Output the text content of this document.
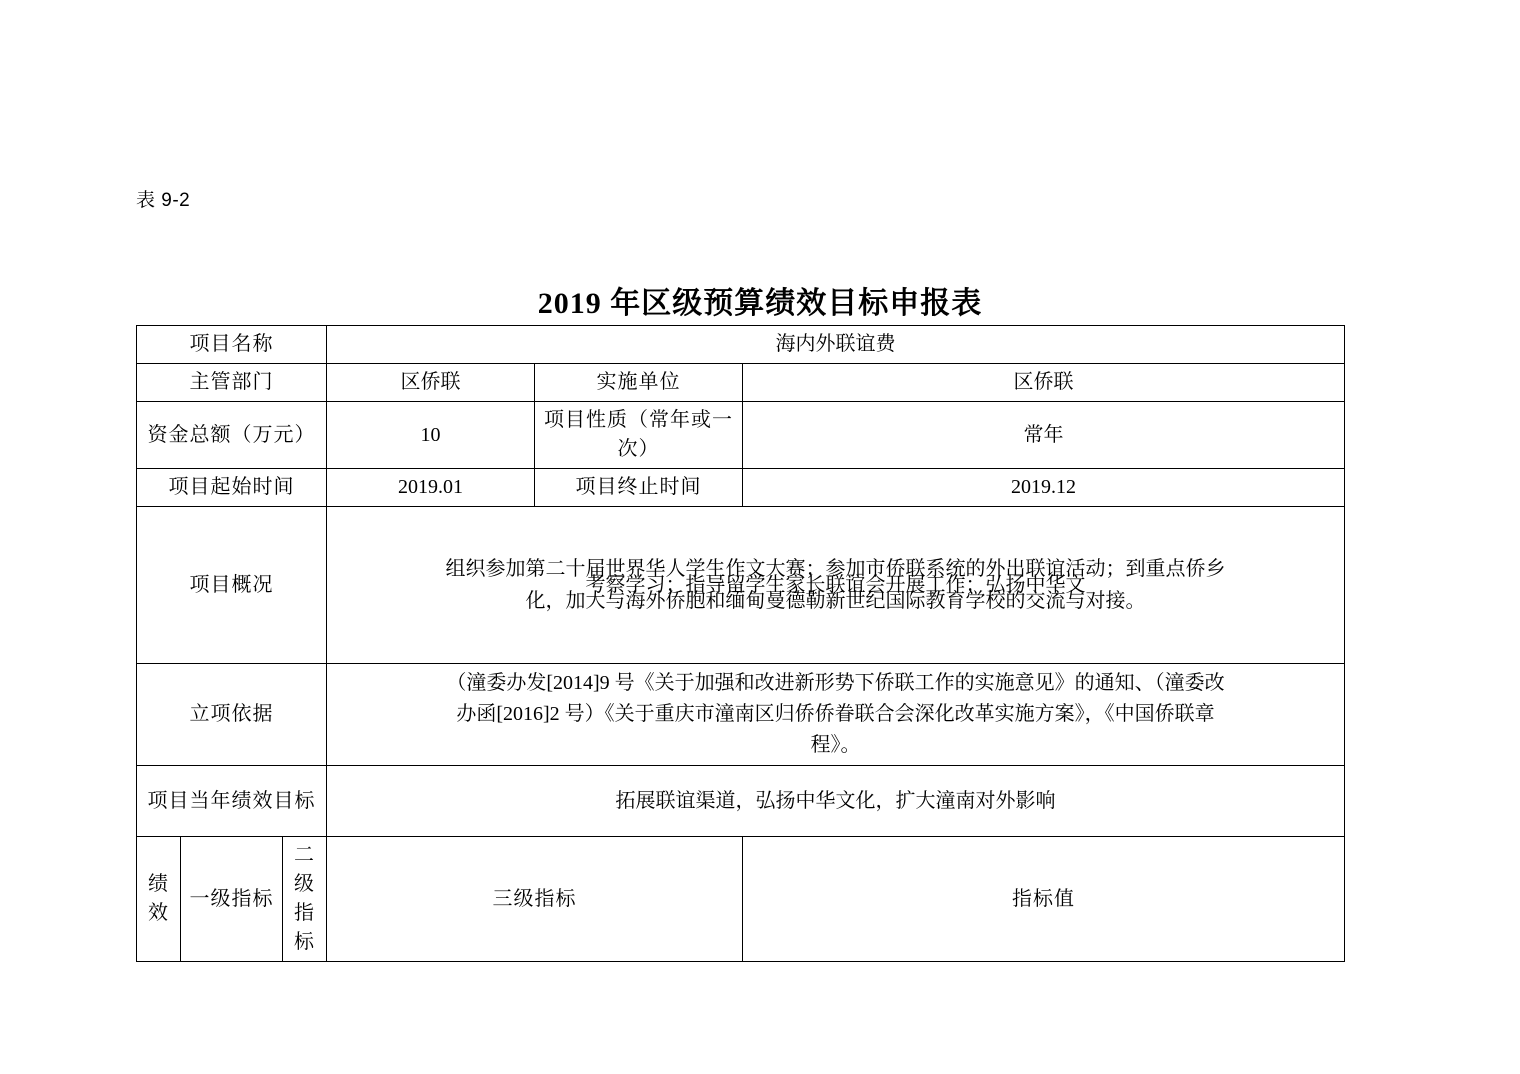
表 9-2
2019 年区级预算绩效目标申报表
项目名称			海内外联谊费		
主管部门			区侨联	实施单位	区侨联
资金总额（万元）			10	项目性质（常年或一次）	常年
项目起始时间			2019.01	项目终止时间	2019.12
项目概况			组织参加第二十届世界华人学生作文大赛；参加市侨联系统的外出联谊活动；到重点侨乡
考察学习；指导留学生家长联谊会开展工作；弘扬中华文
化，加大与海外侨胞和缅甸曼德勒新世纪国际教育学校的交流与对接。		

立项依据			（潼委办发[2014]9 号《关于加强和改进新形势下侨联工作的实施意见》的通知、（潼委改
办函[2016]2 号）《关于重庆市潼南区归侨侨眷联合会深化改革实施方案》，《中国侨联章
程》。		

项目当年绩效目标			拓展联谊渠道，弘扬中华文化，扩大潼南对外影响		
绩效	一级指标	二级指标	三级指标		指标值
